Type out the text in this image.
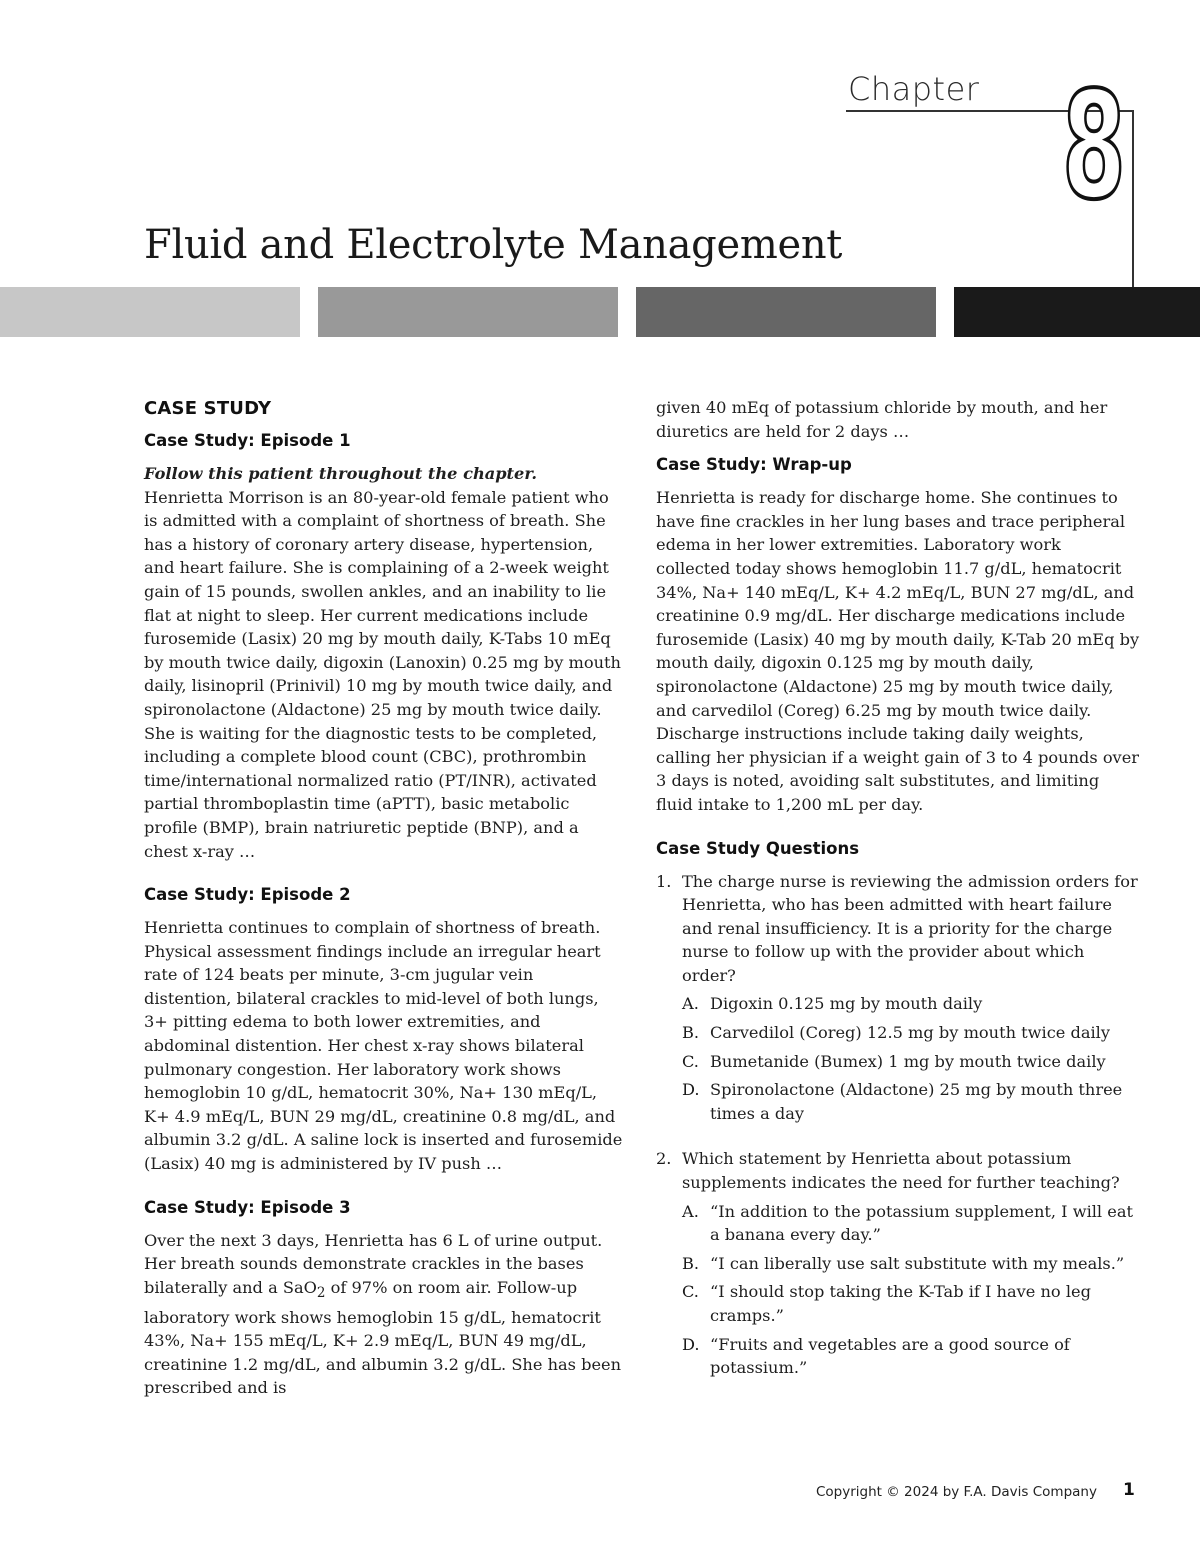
Chapter 8
Fluid and Electrolyte Management
CASE STUDY
Case Study: Episode 1

Follow this patient throughout the chapter.
Henrietta Morrison is an 80-year-old female patient who is admitted with a complaint of shortness of breath. She has a history of coronary artery disease, hypertension, and heart failure. She is complaining of a 2-week weight gain of 15 pounds, swollen ankles, and an inability to lie flat at night to sleep. Her current medications include furosemide (Lasix) 20 mg by mouth daily, K-Tabs 10 mEq by mouth twice daily, digoxin (Lanoxin) 0.25 mg by mouth daily, lisinopril (Prinivil) 10 mg by mouth twice daily, and spironolactone (Aldactone) 25 mg by mouth twice daily. She is waiting for the diagnostic tests to be completed, including a complete blood count (CBC), prothrombin time/international normalized ratio (PT/INR), activated partial thromboplastin time (aPTT), basic metabolic profile (BMP), brain natriuretic peptide (BNP), and a chest x-ray …

Case Study: Episode 2

Henrietta continues to complain of shortness of breath. Physical assessment findings include an irregular heart rate of 124 beats per minute, 3-cm jugular vein distention, bilateral crackles to mid-level of both lungs, 3+ pitting edema to both lower extremities, and abdominal distention. Her chest x-ray shows bilateral pulmonary congestion. Her laboratory work shows hemoglobin 10 g/dL, hematocrit 30%, Na+ 130 mEq/L, K+ 4.9 mEq/L, BUN 29 mg/dL, creatinine 0.8 mg/dL, and albumin 3.2 g/dL. A saline lock is inserted and furosemide (Lasix) 40 mg is administered by IV push …

Case Study: Episode 3

Over the next 3 days, Henrietta has 6 L of urine output. Her breath sounds demonstrate crackles in the bases bilaterally and a SaO$_2$ of 97% on room air. Follow-up laboratory work shows hemoglobin 15 g/dL, hematocrit 43%, Na+ 155 mEq/L, K+ 2.9 mEq/L, BUN 49 mg/dL, creatinine 1.2 mg/dL, and albumin 3.2 g/dL. She has been prescribed and is

given 40 mEq of potassium chloride by mouth, and her diuretics are held for 2 days …

Case Study: Wrap-up

Henrietta is ready for discharge home. She continues to have fine crackles in her lung bases and trace peripheral edema in her lower extremities. Laboratory work collected today shows hemoglobin 11.7 g/dL, hematocrit 34%, Na+ 140 mEq/L, K+ 4.2 mEq/L, BUN 27 mg/dL, and creatinine 0.9 mg/dL. Her discharge medications include furosemide (Lasix) 40 mg by mouth daily, K-Tab 20 mEq by mouth daily, digoxin 0.125 mg by mouth daily, spironolactone (Aldactone) 25 mg by mouth twice daily, and carvedilol (Coreg) 6.25 mg by mouth twice daily. Discharge instructions include taking daily weights, calling her physician if a weight gain of 3 to 4 pounds over 3 days is noted, avoiding salt substitutes, and limiting fluid intake to 1,200 mL per day.

Case Study Questions
1. The charge nurse is reviewing the admission orders for Henrietta, who has been admitted with heart failure and renal insufficiency. It is a priority for the charge nurse to follow up with the provider about which order?

A. Digoxin 0.125 mg by mouth daily

B. Carvedilol (Coreg) 12.5 mg by mouth twice daily

C. Bumetanide (Bumex) 1 mg by mouth twice daily

D. Spironolactone (Aldactone) 25 mg by mouth three times a day

2. Which statement by Henrietta about potassium supplements indicates the need for further teaching?

A. “In addition to the potassium supplement, I will eat a banana every day.”

B. “I can liberally use salt substitute with my meals.”

C. “I should stop taking the K-Tab if I have no leg cramps.”

D. “Fruits and vegetables are a good source of potassium.”

Copyright © 2024 by F.A. Davis Company 1
